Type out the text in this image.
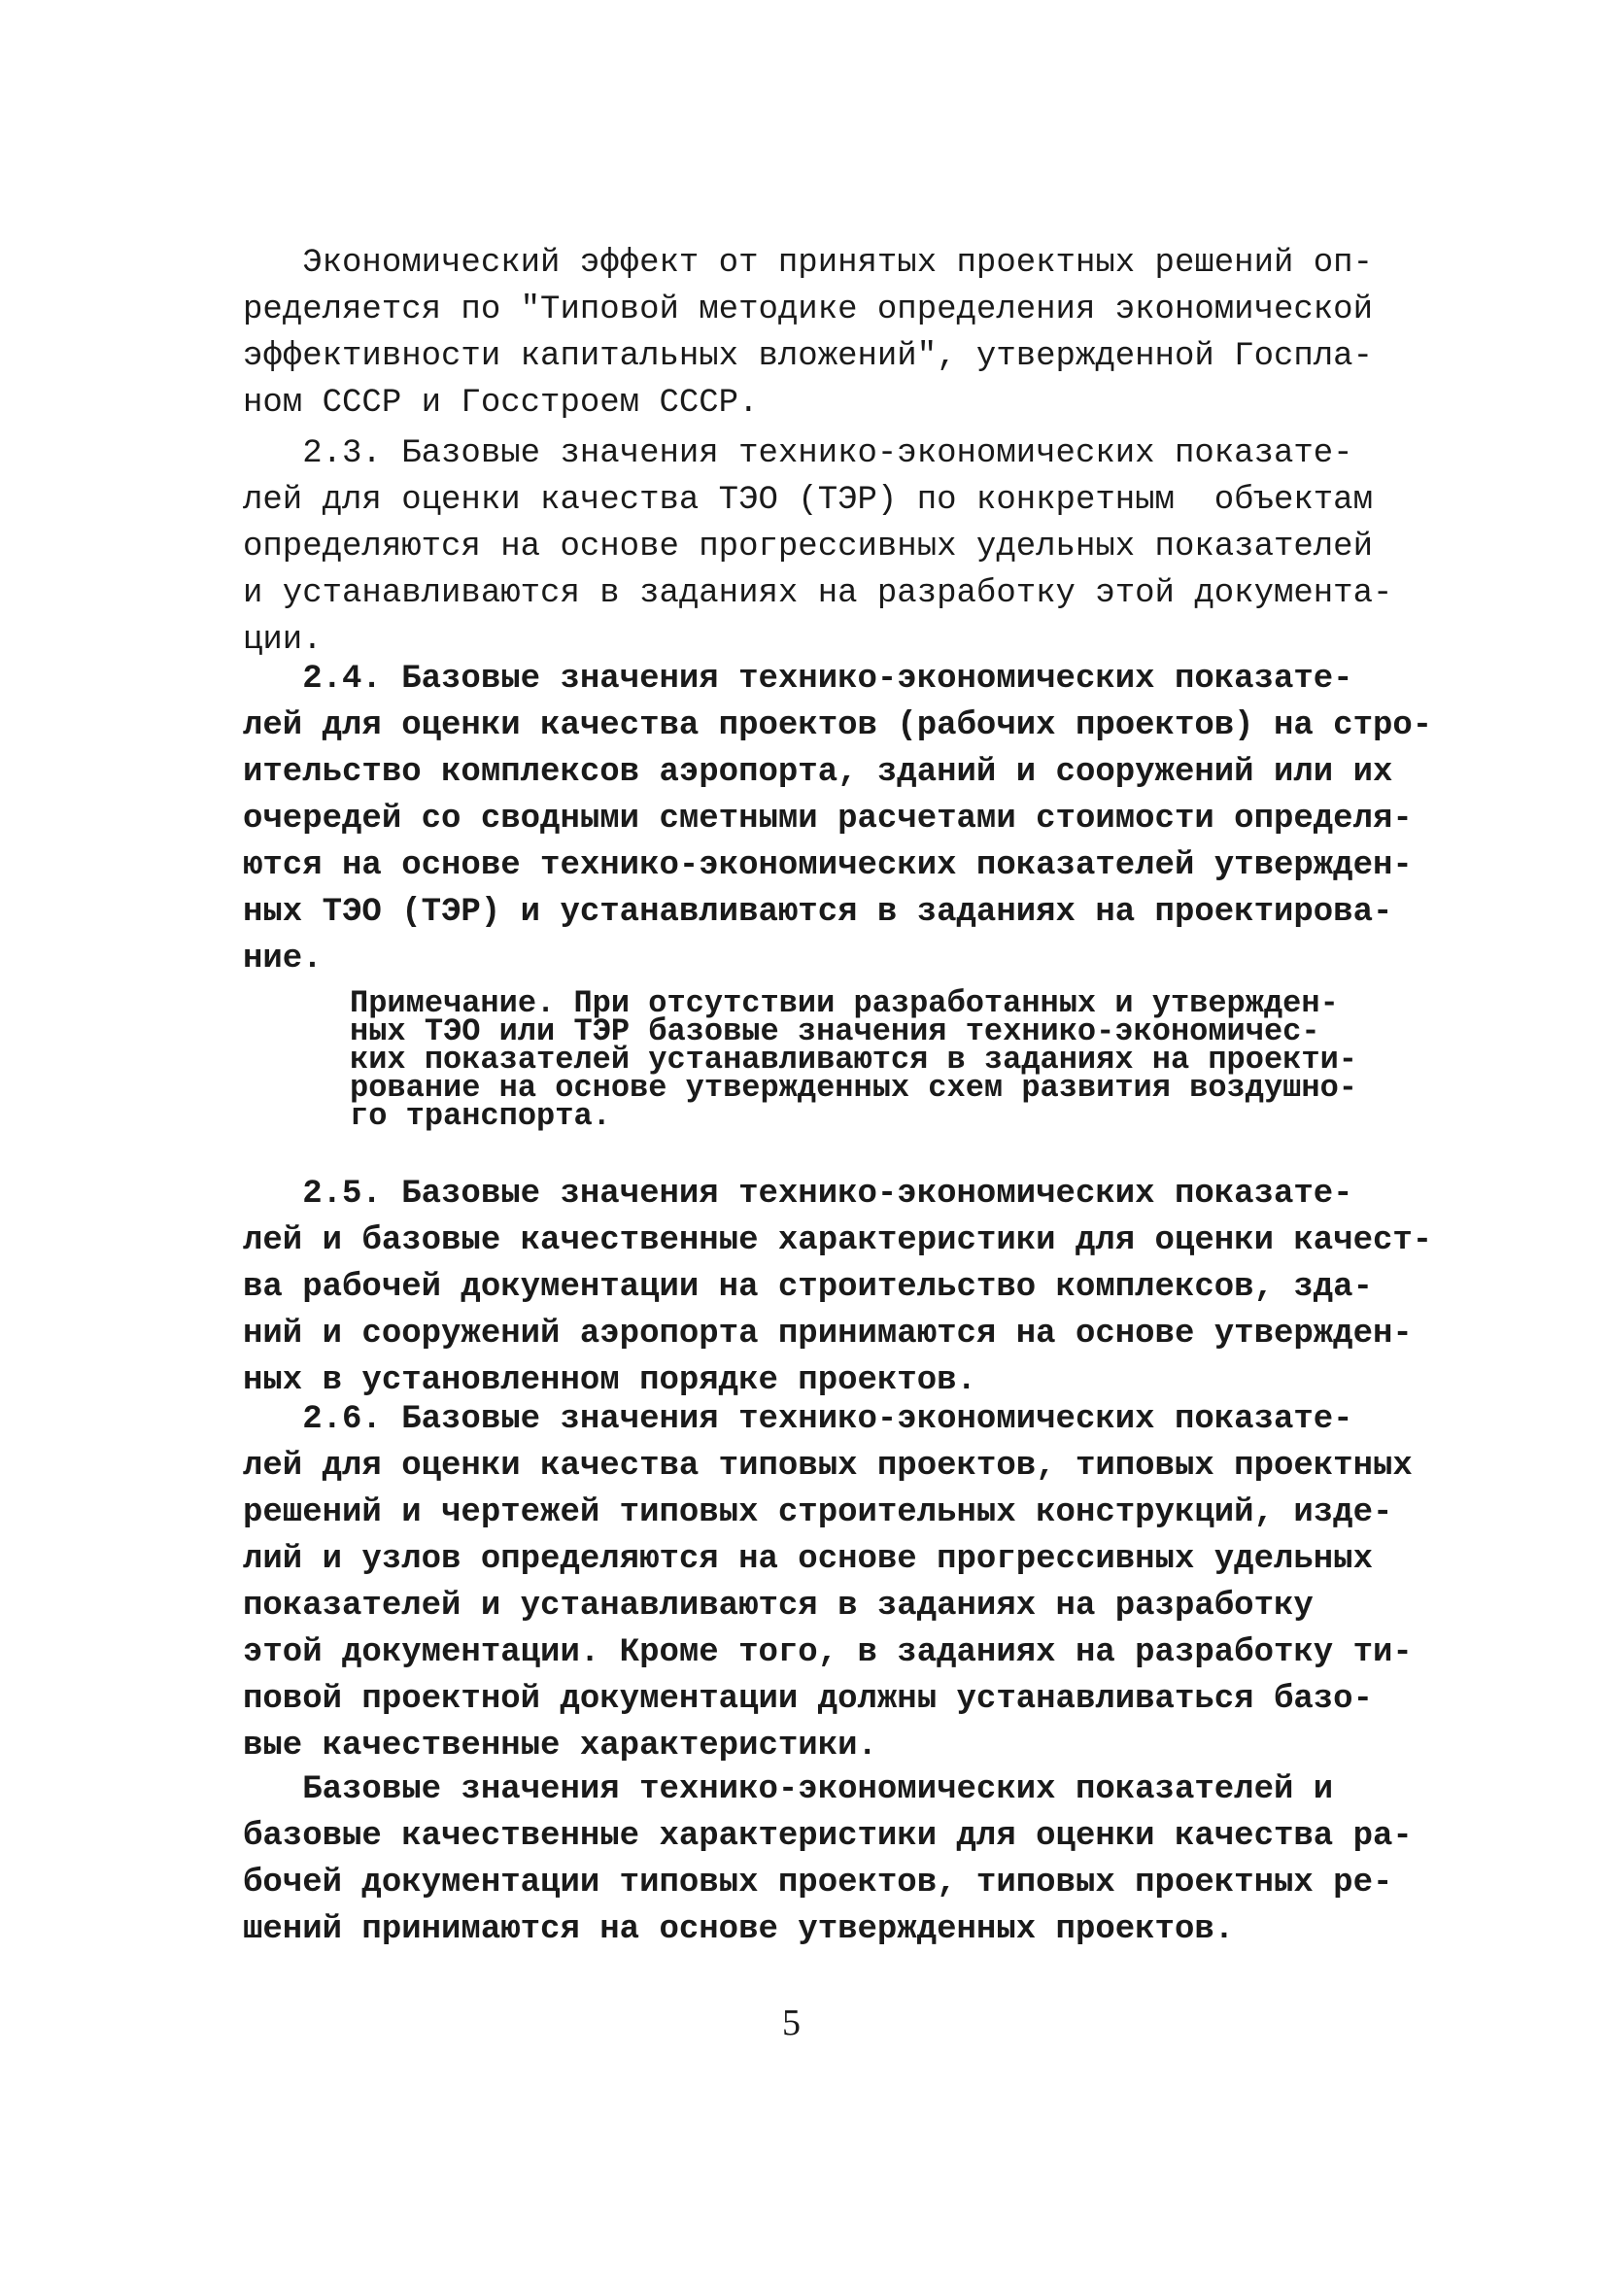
Экономический эффект от принятых проектных решений оп-
ределяется по "Типовой методике определения экономической
эффективности капитальных вложений", утвержденной Госпла-
ном СССР и Госстроем СССР.

2.3. Базовые значения технико-экономических показате-
лей для оценки качества ТЭО (ТЭР) по конкретным  объектам
определяются на основе прогрессивных удельных показателей
и устанавливаются в заданиях на разработку этой документа-
ции.

2.4. Базовые значения технико-экономических показате-
лей для оценки качества проектов (рабочих проектов) на стро-
ительство комплексов аэропорта, зданий и сооружений или их
очередей со сводными сметными расчетами стоимости определя-
ются на основе технико-экономических показателей утвержден-
ных ТЭО (ТЭР) и устанавливаются в заданиях на проектирова-
ние.

Примечание. При отсутствии разработанных и утвержден-
ных ТЭО или ТЭР базовые значения технико-экономичес-
ких показателей устанавливаются в заданиях на проекти-
рование на основе утвержденных схем развития воздушно-
го транспорта.

2.5. Базовые значения технико-экономических показате-
лей и базовые качественные характеристики для оценки качест-
ва рабочей документации на строительство комплексов, зда-
ний и сооружений аэропорта принимаются на основе утвержден-
ных в установленном порядке проектов.

2.6. Базовые значения технико-экономических показате-
лей для оценки качества типовых проектов, типовых проектных
решений и чертежей типовых строительных конструкций, изде-
лий и узлов определяются на основе прогрессивных удельных
показателей и устанавливаются в заданиях на разработку
этой документации. Кроме того, в заданиях на разработку ти-
повой проектной документации должны устанавливаться базо-
вые качественные характеристики.

Базовые значения технико-экономических показателей и
базовые качественные характеристики для оценки качества ра-
бочей документации типовых проектов, типовых проектных ре-
шений принимаются на основе утвержденных проектов.

5
